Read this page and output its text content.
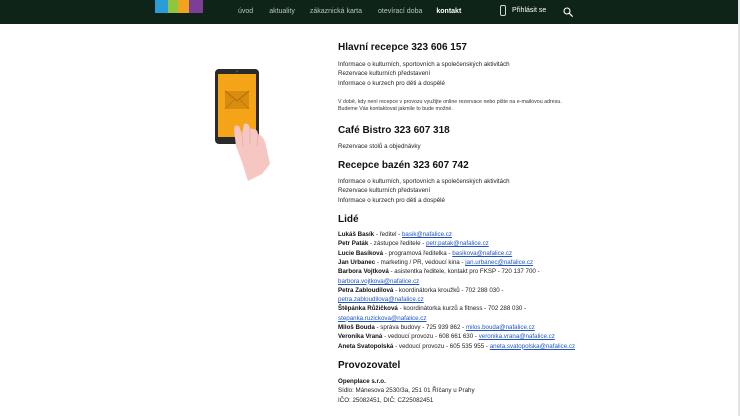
úvod aktuality zákaznická karta otevírací doba kontakt	Přihlásit se
Hlavní recepce 323 606 157
Informace o kulturních, sportovních a společenských aktivitách
Rezervace kulturních představení
Informace o kurzech pro děti a dospělé
V době, kdy není recepce v provozu využijte online rezervace nebo pište na e-mailovou adresu.
Budeme Vás kontaktovat jakmile to bude možné.
Café Bistro 323 607 318
Rezervace stolů a objednávky
Recepce bazén 323 607 742
Informace o kulturních, sportovních a společenských aktivitách
Rezervace kulturních představení
Informace o kurzech pro děti a dospělé
Lidé
Lukáš Basík - ředitel - basik@nafalice.cz
Petr Paták - zástupce ředitele - petr.patak@nafalice.cz
Lucie Basíková - programová ředitelka - basikova@nafalice.cz
Jan Urbanec - marketing / PR, vedoucí kina - jan.urbanec@nafalice.cz
Barbora Vojtková - asistentka ředitele, kontakt pro FKSP - 720 137 700 -
barbora.vojtkova@nafalice.cz
Petra Zabloudilová - koordinátorka kroužků - 702 288 030 -
petra.zabloudilova@nafalice.cz
Štěpánka Růžičková - koordinátorka kurzů a fitness - 702 288 030 -
stepanka.ruzickova@nafalice.cz
Miloš Bouda - správa budovy - 725 939 862 - milos.bouda@nafalice.cz
Veronika Vraná - vedoucí provozu - 608 661 630 - veronika.vrana@nafalice.cz
Aneta Svatopolská - vedoucí provozu - 605 535 955 - aneta.svatopolska@nafalice.cz
Provozovatel
Openplace s.r.o.
Sídlo: Mánesova 2530/3a, 251 01 Říčany u Prahy
IČO: 25082451, DIČ: CZ25082451
